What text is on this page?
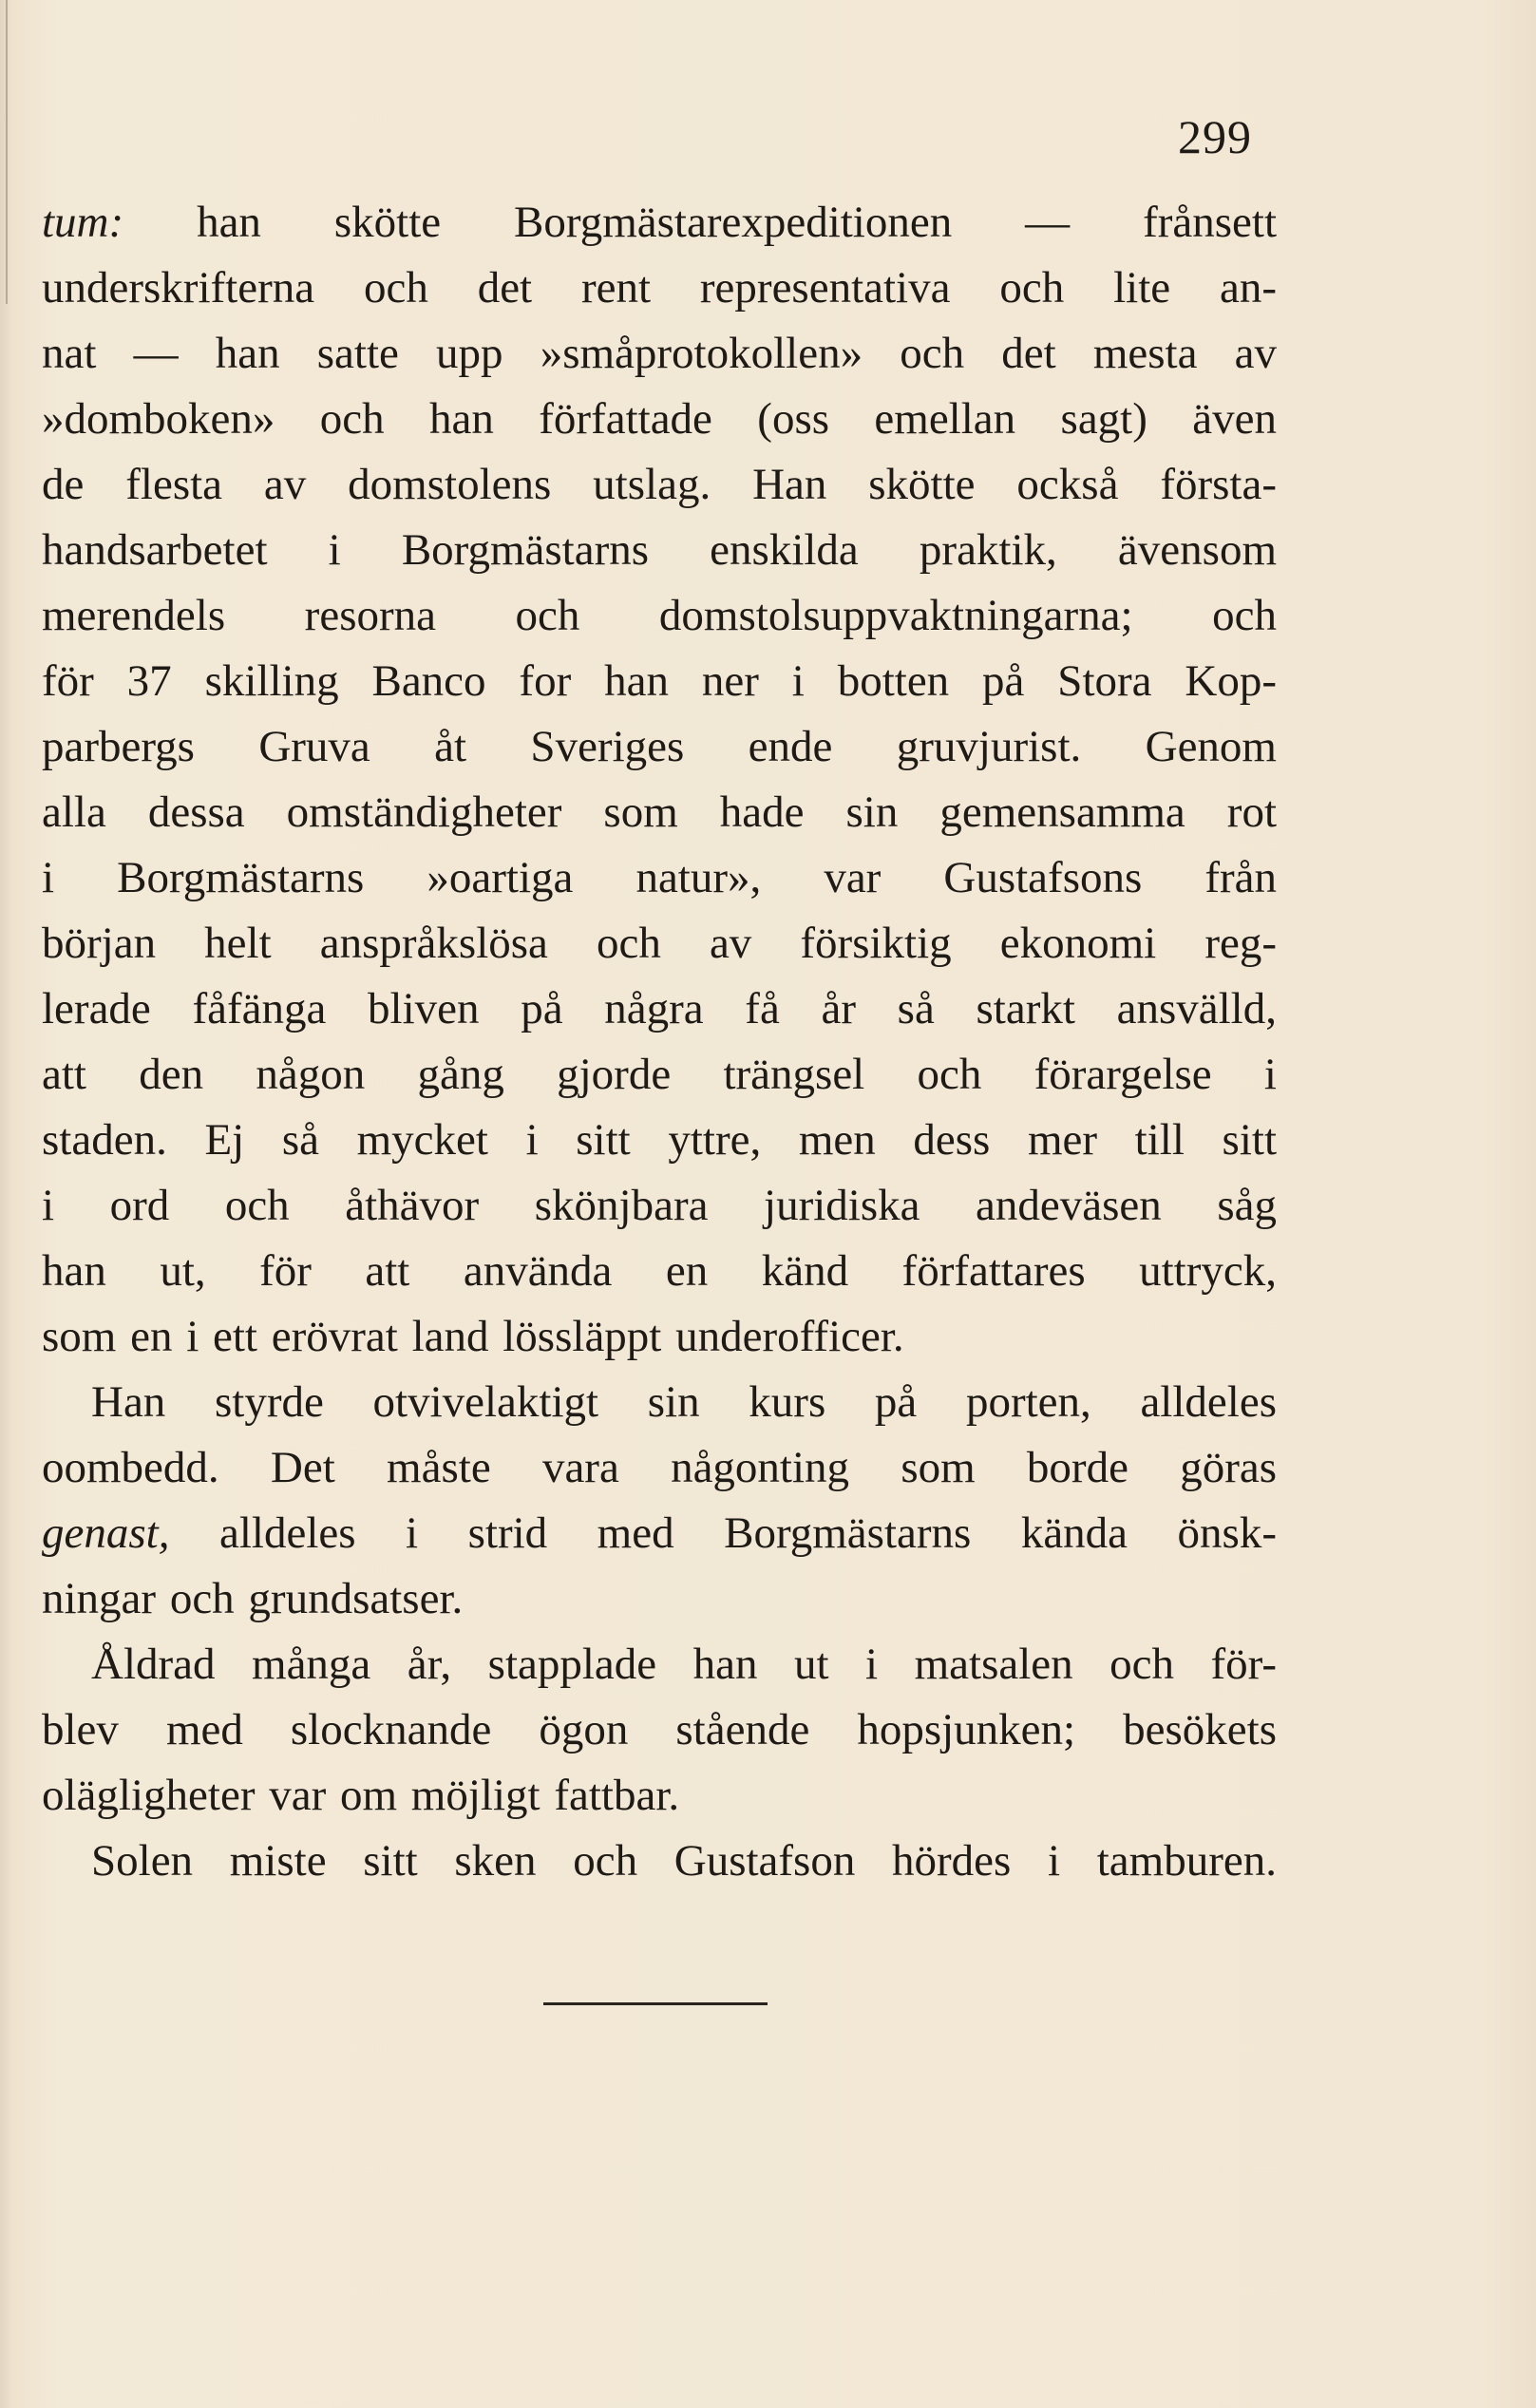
299
tum: han skötte Borgmästarexpeditionen — frånsett
underskrifterna och det rent representativa och lite an-
nat — han satte upp »småprotokollen» och det mesta av
»domboken» och han författade (oss emellan sagt) även
de flesta av domstolens utslag. Han skötte också första-
handsarbetet i Borgmästarns enskilda praktik, ävensom
merendels resorna och domstolsuppvaktningarna; och
för 37 skilling Banco for han ner i botten på Stora Kop-
parbergs Gruva åt Sveriges ende gruvjurist. Genom
alla dessa omständigheter som hade sin gemensamma rot
i Borgmästarns »oartiga natur», var Gustafsons från
början helt anspråkslösa och av försiktig ekonomi reg-
lerade fåfänga bliven på några få år så starkt ansvälld,
att den någon gång gjorde trängsel och förargelse i
staden. Ej så mycket i sitt yttre, men dess mer till sitt
i ord och åthävor skönjbara juridiska andeväsen såg
han ut, för att använda en känd författares uttryck,
som en i ett erövrat land lössläppt underofficer.
Han styrde otvivelaktigt sin kurs på porten, alldeles
oombedd. Det måste vara någonting som borde göras
genast, alldeles i strid med Borgmästarns kända önsk-
ningar och grundsatser.
Åldrad många år, stapplade han ut i matsalen och för-
blev med slocknande ögon stående hopsjunken; besökets
olägligheter var om möjligt fattbar.
Solen miste sitt sken och Gustafson hördes i tamburen.
